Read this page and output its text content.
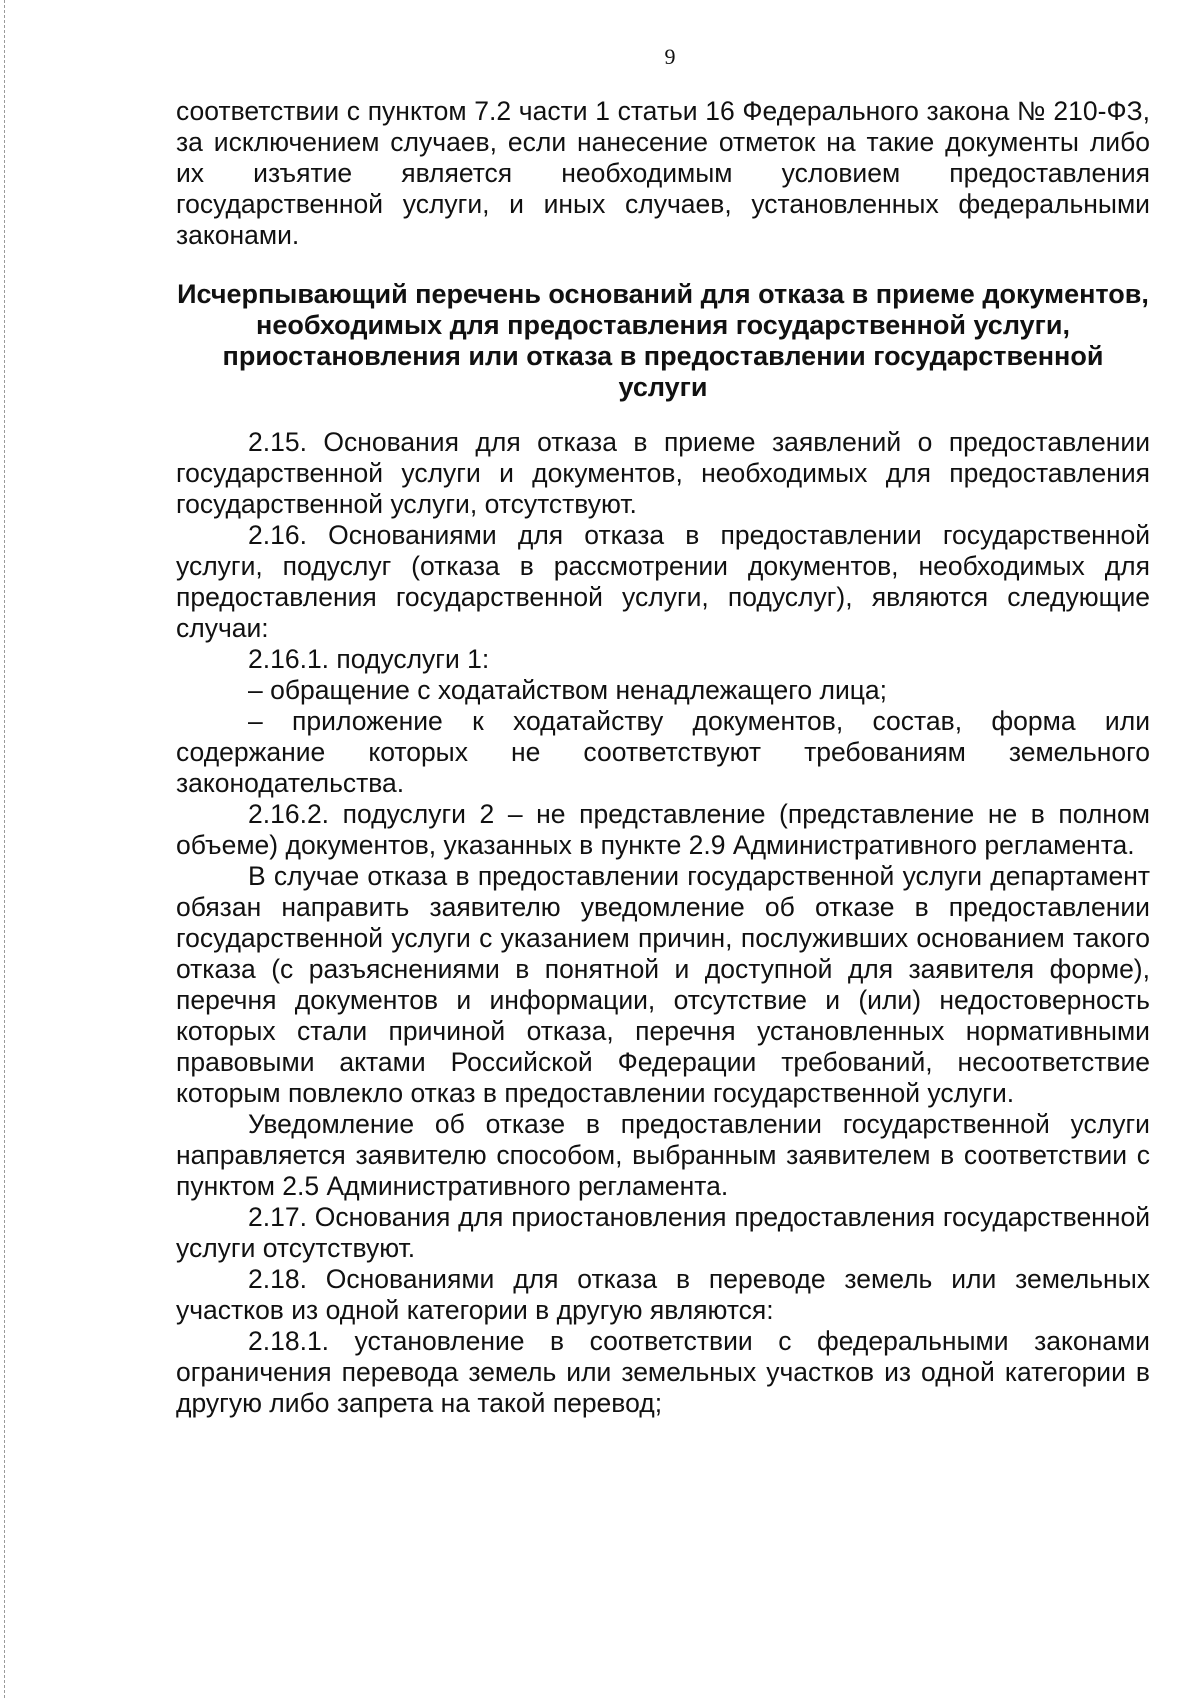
9

соответствии с пунктом 7.2 части 1 статьи 16 Федерального закона № 210-ФЗ, за исключением случаев, если нанесение отметок на такие документы либо их изъятие является необходимым условием предоставления государственной услуги, и иных случаев, установленных федеральными законами.

Исчерпывающий перечень оснований для отказа в приеме документов, необходимых для предоставления государственной услуги, приостановления или отказа в предоставлении государственной услуги

2.15. Основания для отказа в приеме заявлений о предоставлении государственной услуги и документов, необходимых для предоставления государственной услуги, отсутствуют.

2.16. Основаниями для отказа в предоставлении государственной услуги, подуслуг (отказа в рассмотрении документов, необходимых для предоставления государственной услуги, подуслуг), являются следующие случаи:

2.16.1. подуслуги 1:

– обращение с ходатайством ненадлежащего лица;

– приложение к ходатайству документов, состав, форма или содержание которых не соответствуют требованиям земельного законодательства.

2.16.2. подуслуги 2 – не представление (представление не в полном объеме) документов, указанных в пункте 2.9 Административного регламента.

В случае отказа в предоставлении государственной услуги департамент обязан направить заявителю уведомление об отказе в предоставлении государственной услуги с указанием причин, послуживших основанием такого отказа (с разъяснениями в понятной и доступной для заявителя форме), перечня документов и информации, отсутствие и (или) недостоверность которых стали причиной отказа, перечня установленных нормативными правовыми актами Российской Федерации требований, несоответствие которым повлекло отказ в предоставлении государственной услуги.

Уведомление об отказе в предоставлении государственной услуги направляется заявителю способом, выбранным заявителем в соответствии с пунктом 2.5 Административного регламента.

2.17. Основания для приостановления предоставления государственной услуги отсутствуют.

2.18. Основаниями для отказа в переводе земель или земельных участков из одной категории в другую являются:

2.18.1. установление в соответствии с федеральными законами ограничения перевода земель или земельных участков из одной категории в другую либо запрета на такой перевод;
